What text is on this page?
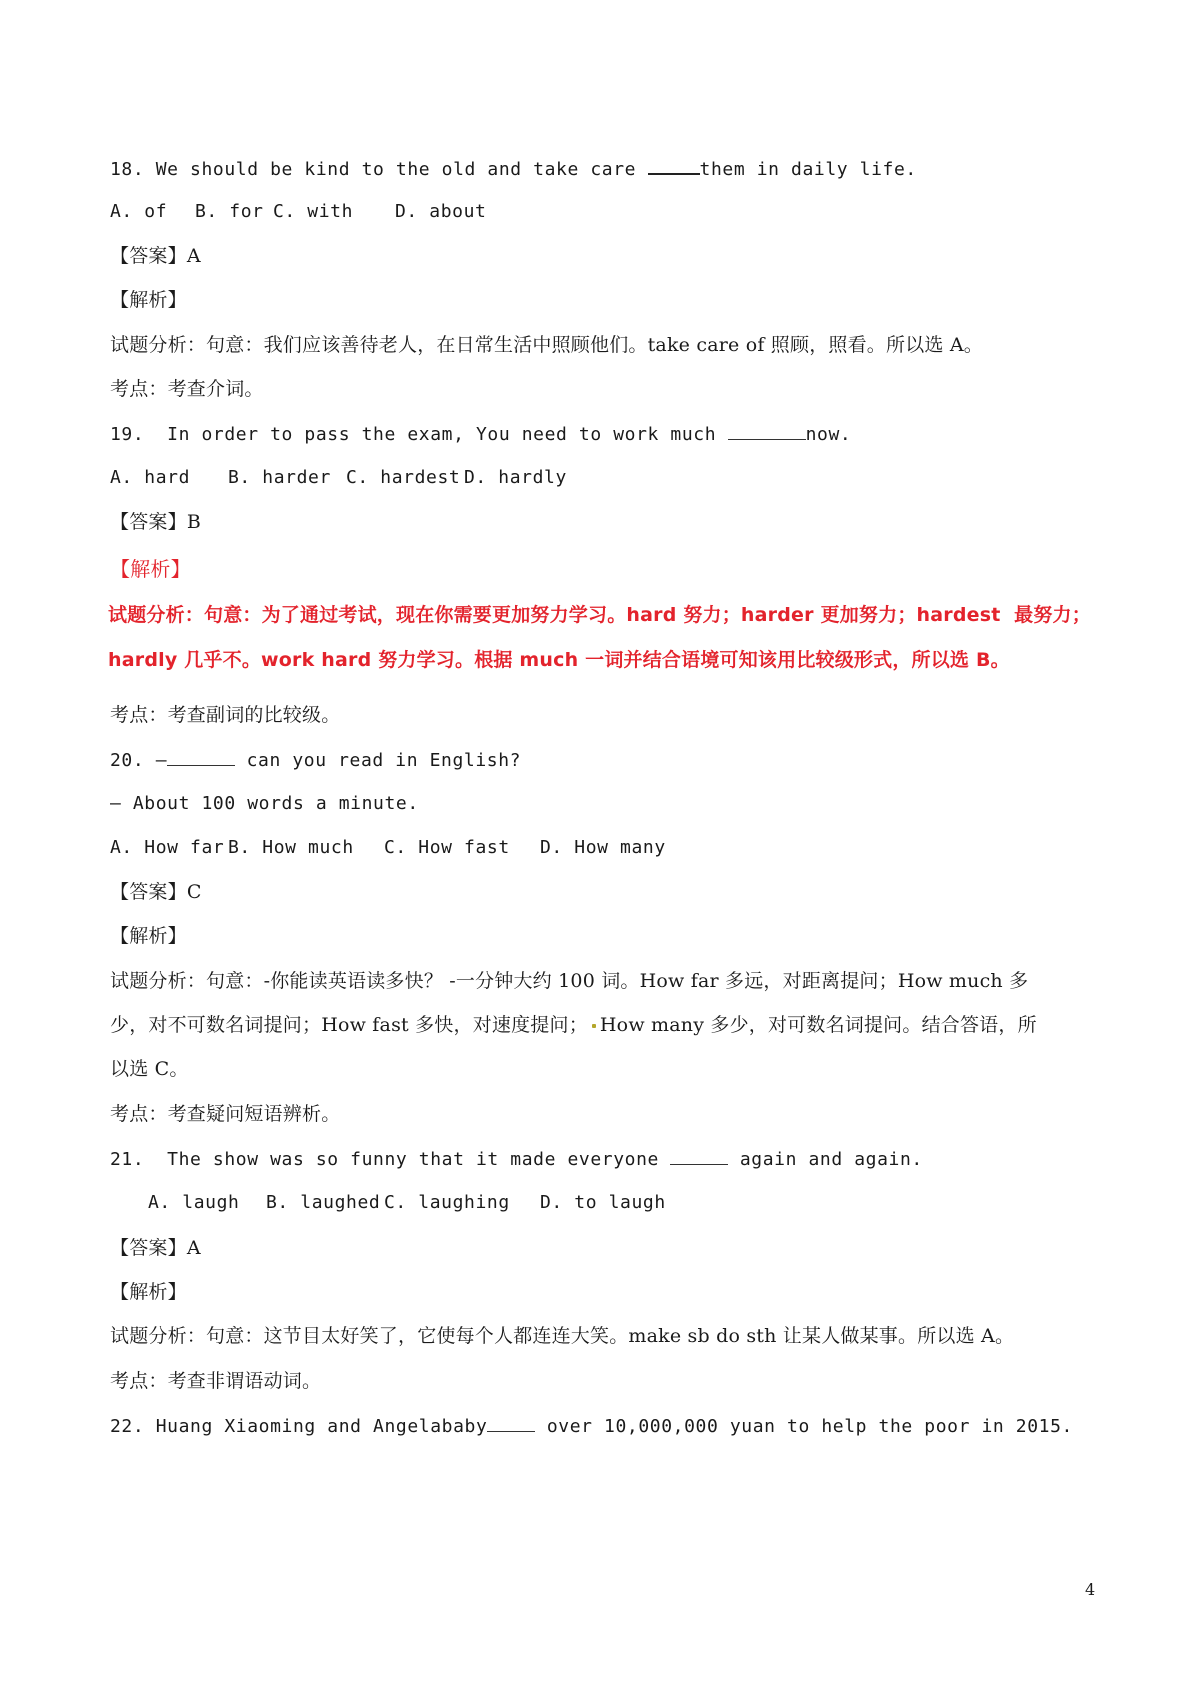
18. We should be kind to the old and take care	them in daily life.
A. of B. for C. with D. about
【答案】A
【解析】
试题分析：句意：我们应该善待老人，在日常生活中照顾他们。take care of 照顾，照看。所以选 A。
考点：考查介词。
19.  In order to pass the exam, You need to work much	now.
A. hard B. harder C. hardest D. hardly
【答案】B
【解析】
试题分析：句意：为了通过考试，现在你需要更加努力学习。hard 努力；harder 更加努力；hardest  最努力；
hardly 几乎不。work hard 努力学习。根据 much 一词并结合语境可知该用比较级形式，所以选 B。
考点：考查副词的比较级。
20. —	can you read in English?
— About 100 words a minute.
A. How far B. How much C. How fast D. How many
【答案】C
【解析】
试题分析：句意：-你能读英语读多快？ -一分钟大约 100 词。How far 多远，对距离提问；How much 多
少，对不可数名词提问；How fast 多快，对速度提问； How many 多少，对可数名词提问。结合答语，所
以选 C。
考点：考查疑问短语辨析。
21.  The show was so funny that it made everyone	again and again.
A. laugh B. laughed C. laughing D. to laugh
【答案】A
【解析】
试题分析：句意：这节目太好笑了，它使每个人都连连大笑。make sb do sth 让某人做某事。所以选 A。
考点：考查非谓语动词。
22. Huang Xiaoming and Angelababy	over 10,000,000 yuan to help the poor in 2015.
4
